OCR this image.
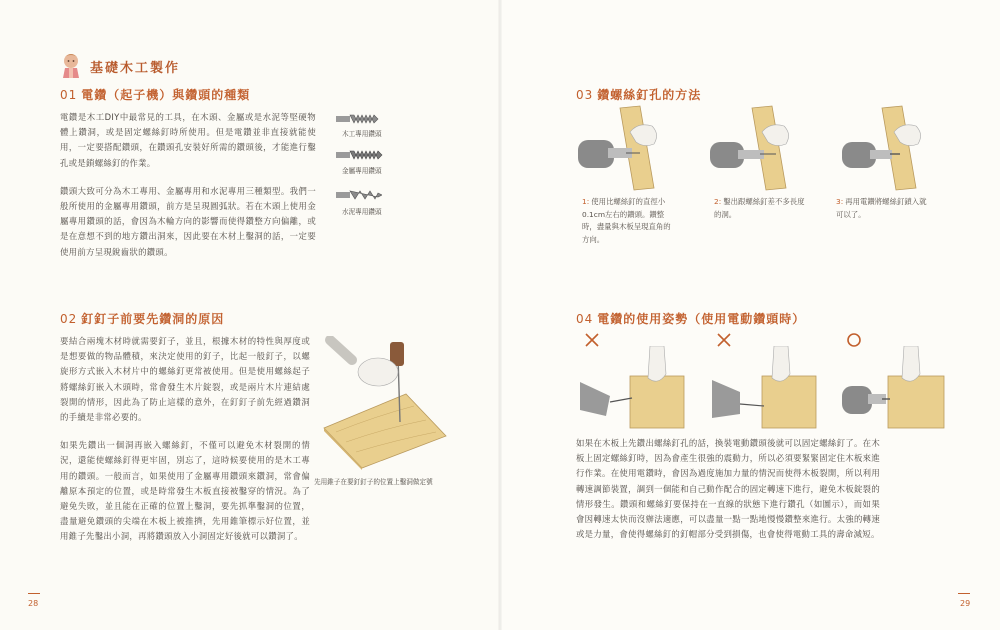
基礎木工製作
01 電鑽（起子機）與鑽頭的種類

電鑽是木工DIY中最常見的工具，在木頭、金屬或是水泥等堅硬物體上鑽洞，或是固定螺絲釘時所使用。但是電鑽並非直接就能使用，一定要搭配鑽頭，在鑽頭孔安裝好所需的鑽頭後，才能進行鑿孔或是鎖螺絲釘的作業。

鑽頭大致可分為木工專用、金屬專用和水泥專用三種類型。我們一般所使用的金屬專用鑽頭，前方是呈現圓弧狀。若在木頭上使用金屬專用鑽頭的話，會因為木輪方向的影響而使得鑽整方向偏離，或是在意想不到的地方鑽出洞來，因此要在木材上鑿洞的話，一定要使用前方呈現銳齒狀的鑽頭。

木工專用鑽頭
金屬專用鑽頭
水泥專用鑽頭
02 釘釘子前要先鑽洞的原因

要結合兩塊木材時就需要釘子，並且，根據木材的特性與厚度或是想要做的物品體積，來決定使用的釘子，比起一般釘子，以螺旋形方式嵌入木材片中的螺絲釘更常被使用。但是使用螺絲起子將螺絲釘嵌入木頭時，常會發生木片錠裂，或是兩片木片連結處裂開的情形，因此為了防止這樣的意外，在釘釘子前先經過鑽洞的手續是非常必要的。

如果先鑽出一個洞再嵌入螺絲釘，不僅可以避免木材裂開的情況，還能使螺絲釘得更牢固，別忘了，這時候要使用的是木工專用的鑽頭。一般而言，如果使用了金屬專用鑽頭來鑽洞，常會偏離原本預定的位置，或是時常發生木板直接被鑿穿的情況。為了避免失敗，並且能在正確的位置上鑿洞，要先抓準鑿洞的位置，盡量避免鑽頭的尖端在木板上被推擠，先用錐筆標示好位置，並用錐子先鑿出小洞，再將鑽頭放入小洞固定好後就可以鑽洞了。

先用錐子在要釘釘子的位置上鑿洞做定號
03 鑽螺絲釘孔的方法
1: 使用比螺絲釘的直徑小0.1cm左右的鑽頭。鑽整時，盡量與木板呈現直角的方向。
2: 鑿出跟螺絲釘差不多長度的洞。
3: 再用電鑽將螺絲釘鎖入就可以了。
04 電鑽的使用姿勢（使用電動鑽頭時）

如果在木板上先鑽出螺絲釘孔的話，換裝電動鑽頭後就可以固定螺絲釘了。在木板上固定螺絲釘時，因為會產生很強的震動力，所以必須要緊緊固定住木板來進行作業。在使用電鑽時，會因為過度施加力量的情況而使得木板裂開，所以利用轉速調節裝置，調到一個能和自己動作配合的固定轉速下進行，避免木板錠裂的情形發生。鑽頭和螺絲釘要保持在一直線的狀態下進行鑽孔（如圖示），而如果會因轉速太快而沒辦法適應，可以盡量一點一點地慢慢鑽整來進行。太強的轉速或是力量，會使得螺絲釘的釘帽部分受到損傷，也會使得電動工具的壽命減短。

28	29
